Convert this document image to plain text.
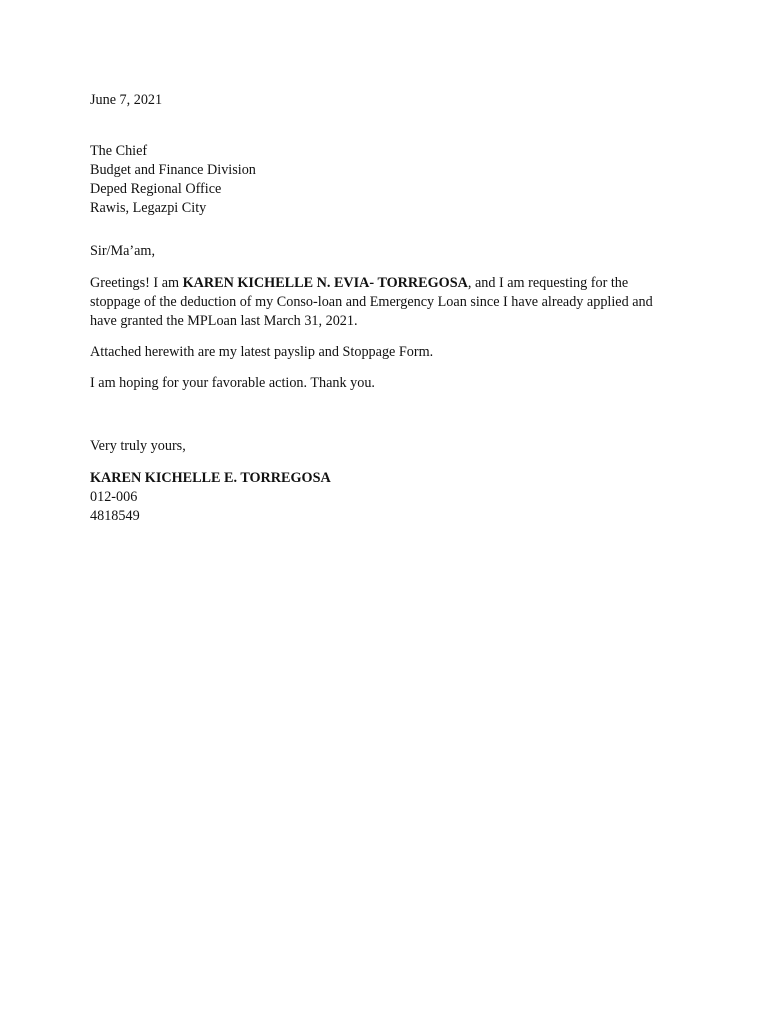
June 7, 2021
The Chief
Budget and Finance Division
Deped Regional Office
Rawis, Legazpi City
Sir/Ma’am,
Greetings! I am KAREN KICHELLE N. EVIA- TORREGOSA, and I am requesting for the stoppage of the deduction of my Conso-loan and Emergency Loan since I have already applied and have granted the MPLoan last March 31, 2021.
Attached herewith are my latest payslip and Stoppage Form.
I am hoping for your favorable action. Thank you.
Very truly yours,
KAREN KICHELLE E. TORREGOSA
012-006
4818549
